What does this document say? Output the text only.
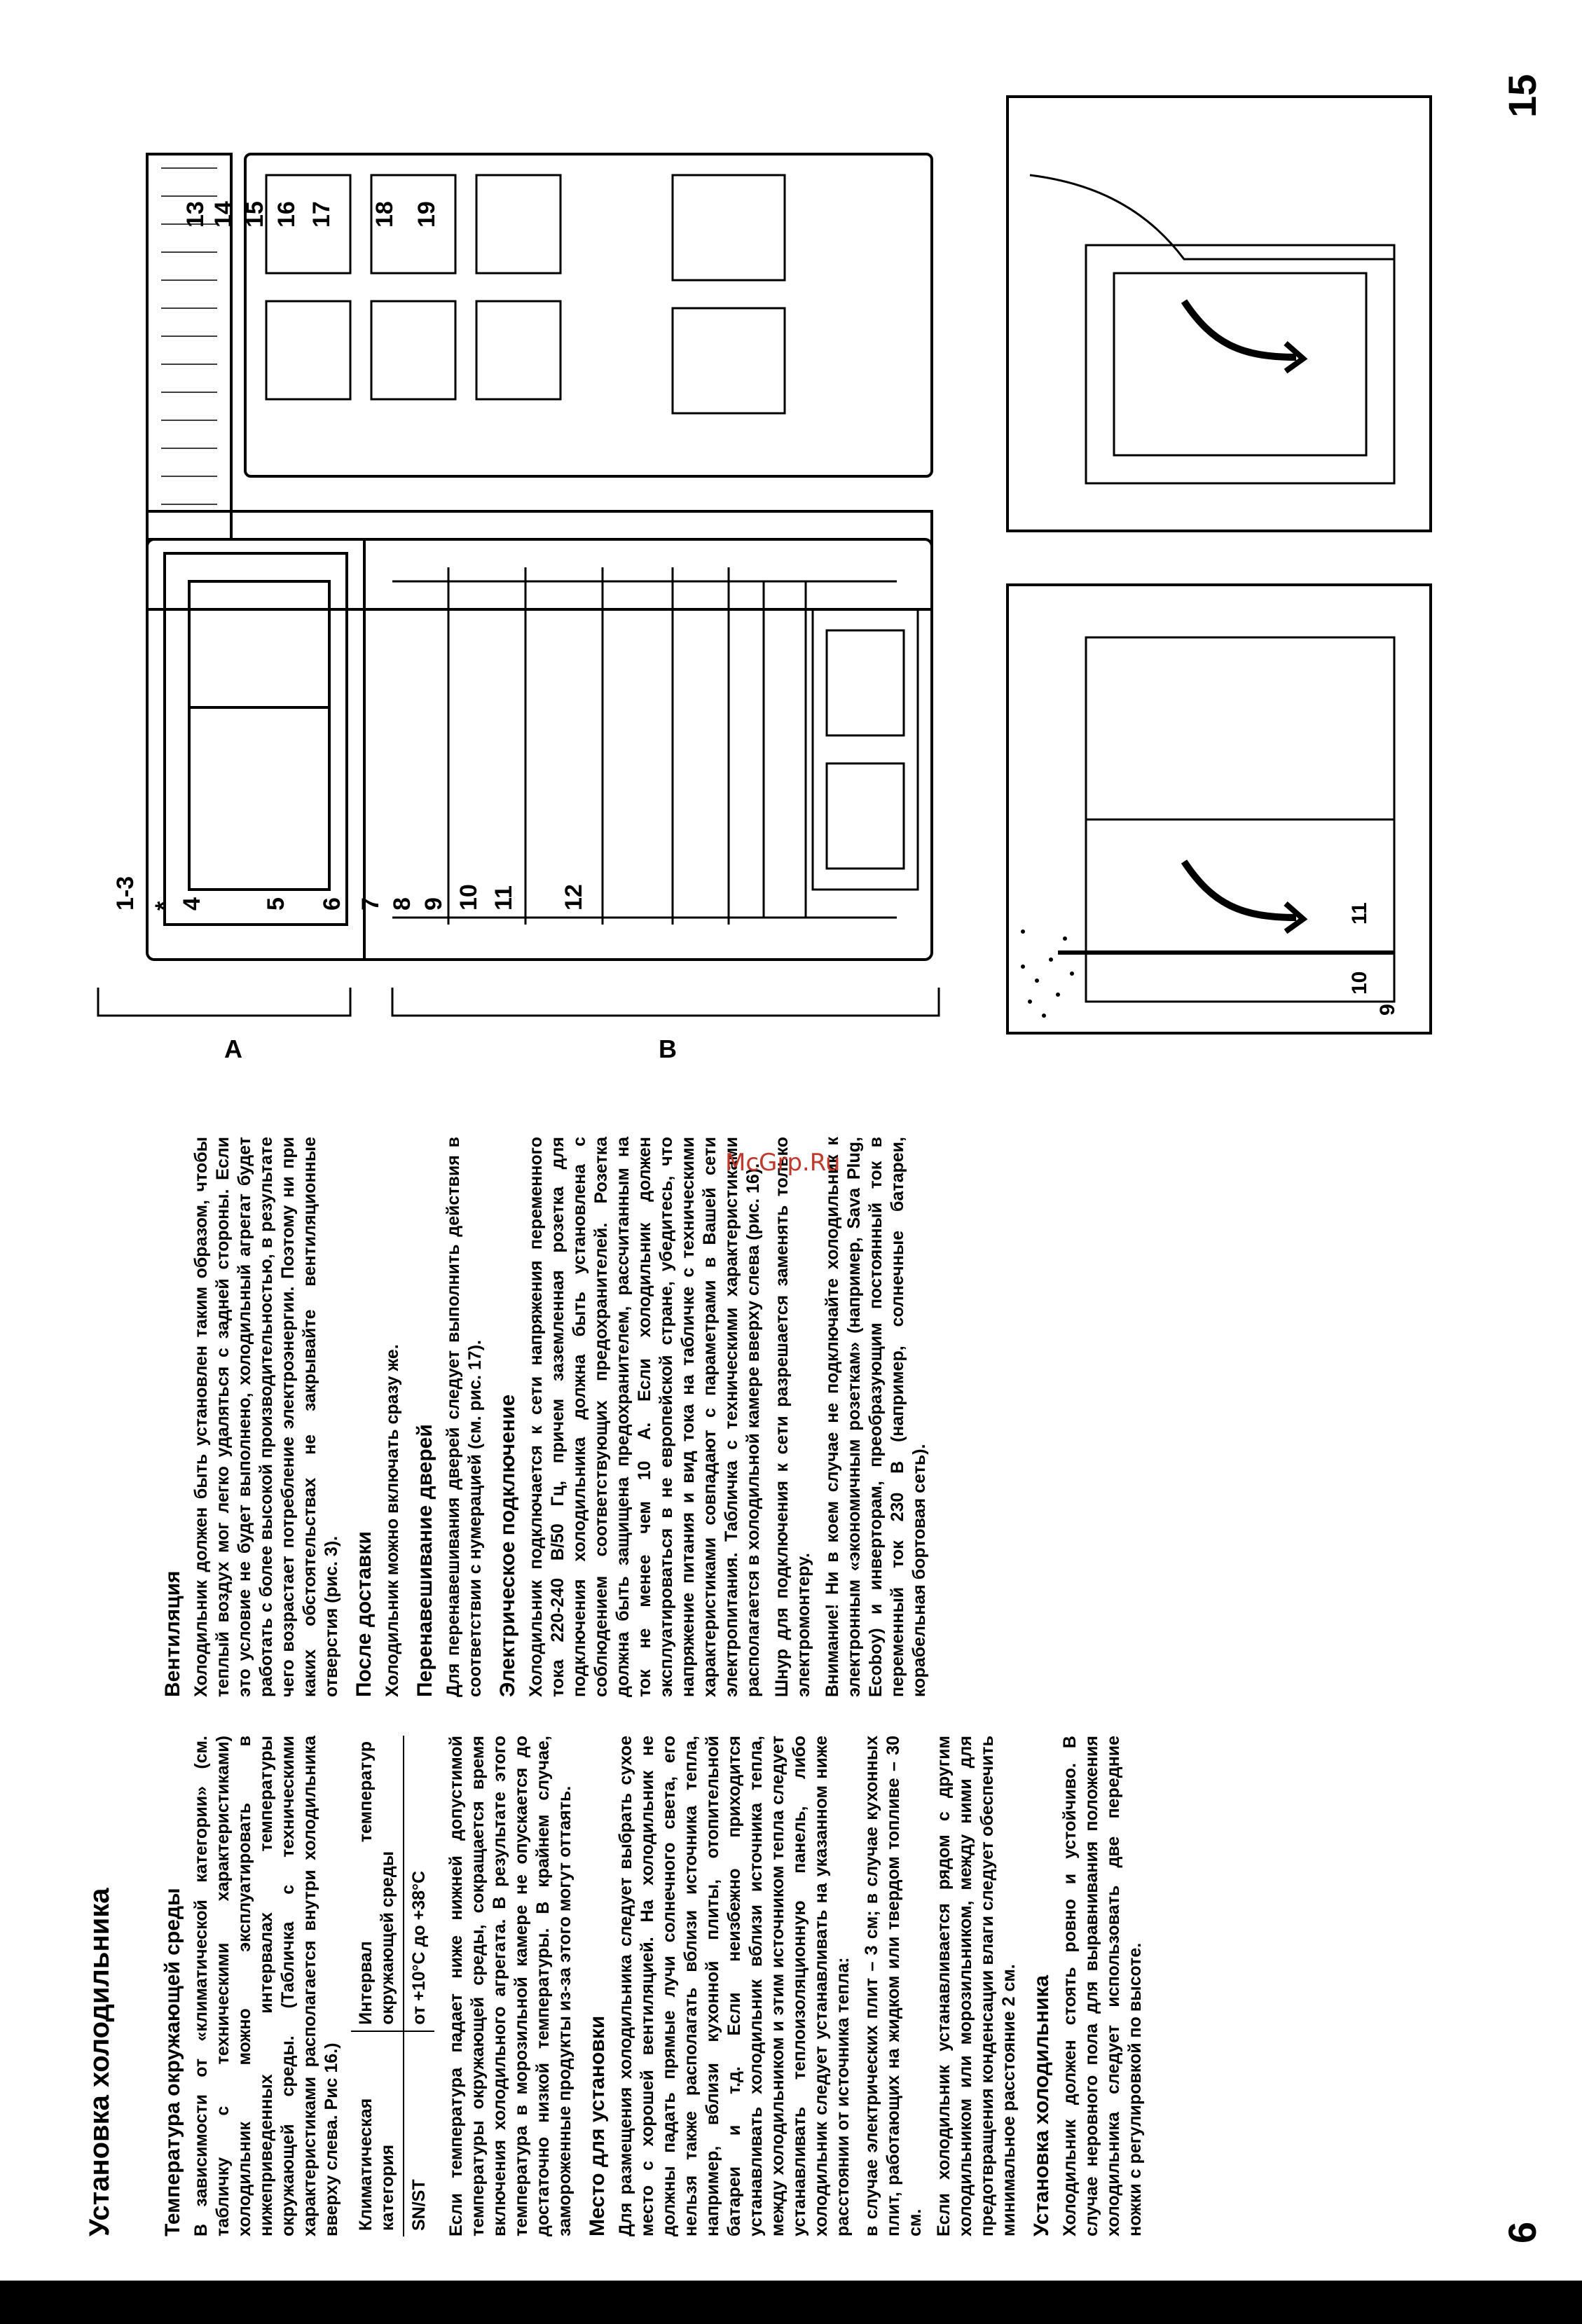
6
15
Установка холодильника Температура окружающей среды В зависимости от «климатической категории» (см. табличку с техническими характеристиками) холодильник можно эксплуатировать в нижеприведенных интервалах температуры окружающей среды. (Табличка с техническими характеристиками располагается внутри холодильника вверху слева. Рис 16.) Климатическая категория	Интервал температур окружающей среды
SN/ST	от +10°С до +38°С Если температура падает ниже нижней допустимой температуры окружающей среды, сокращается время включения холодильного агрегата. В результате этого температура в морозильной камере не опускается до достаточно низкой температуры. В крайнем случае, замороженные продукты из-за этого могут оттаять. Место для установки Для размещения холодильника следует выбрать сухое место с хорошей вентиляцией. На холодильник не должны падать прямые лучи солнечного света, его нельзя также располагать вблизи источника тепла, например, вблизи кухонной плиты, отопительной батареи и т.д. Если неизбежно приходится устанавливать холодильник вблизи источника тепла, между холодильником и этим источником тепла следует устанавливать теплоизоляционную панель, либо холодильник следует устанавливать на указанном ниже расстоянии от источника тепла: в случае электрических плит – 3 см; в случае кухонных плит, работающих на жидком или твердом топливе – 30 см. Если холодильник устанавливается рядом с другим холодильником или морозильником, между ними для предотвращения конденсации влаги следует обеспечить минимальное расстояние 2 см. Установка холодильника Холодильник должен стоять ровно и устойчиво. В случае неровного пола для выравнивания положения холодильника следует использовать две передние ножки с регулировкой по высоте.

Вентиляция Холодильник должен быть установлен таким образом, чтобы теплый воздух мог легко удаляться с задней стороны. Если это условие не будет выполнено, холодильный агрегат будет работать с более высокой производительностью, в результате чего возрастает потребление электроэнергии. Поэтому ни при каких обстоятельствах не закрывайте вентиляционные отверстия (рис. 3). После доставки Холодильник можно включать сразу же. Перенавешивание дверей Для перенавешивания дверей следует выполнить действия в соответствии с нумерацией (см. рис. 17). Электрическое подключение Холодильник подключается к сети напряжения переменного тока 220-240 В/50 Гц, причем заземленная розетка для подключения холодильника должна быть установлена с соблюдением соответствующих предохранителей. Розетка должна быть защищена предохранителем, рассчитанным на ток не менее чем 10 А. Если холодильник должен эксплуатироваться в не европейской стране, убедитесь, что напряжение питания и вид тока на табличке с техническими характеристиками совпадают с параметрами в Вашей сети электропитания. Табличка с техническими характеристиками располагается в холодильной камере вверху слева (рис. 16). Шнур для подключения к сети разрешается заменять только электромонтеру. Внимание! Ни в коем случае не подключайте холодильник к электронным «экономичным розеткам» (например, Sava Plug, Ecoboy) и инверторам, преобразующим постоянный ток в переменный ток 230 В (например, солнечные батареи, корабельная бортовая сеть).

McGrp.Ru
A	B
1-3 * 4 5 6 7 8 9 10 11 12
13 14 15 16 17 18 19
11
10
9
